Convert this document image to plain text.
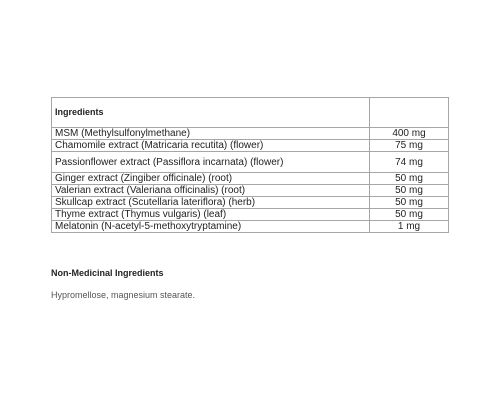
Ingredients	
MSM (Methylsulfonylmethane)	400 mg
Chamomile extract (Matricaria recutita) (flower)	75 mg
Passionflower extract (Passiflora incarnata) (flower)	74 mg
Ginger extract (Zingiber officinale) (root)	50 mg
Valerian extract (Valeriana officinalis) (root)	50 mg
Skullcap extract (Scutellaria lateriflora) (herb)	50 mg
Thyme extract (Thymus vulgaris) (leaf)	50 mg
Melatonin (N-acetyl-5-methoxytryptamine)	1 mg

Non-Medicinal Ingredients

Hypromellose, magnesium stearate.
